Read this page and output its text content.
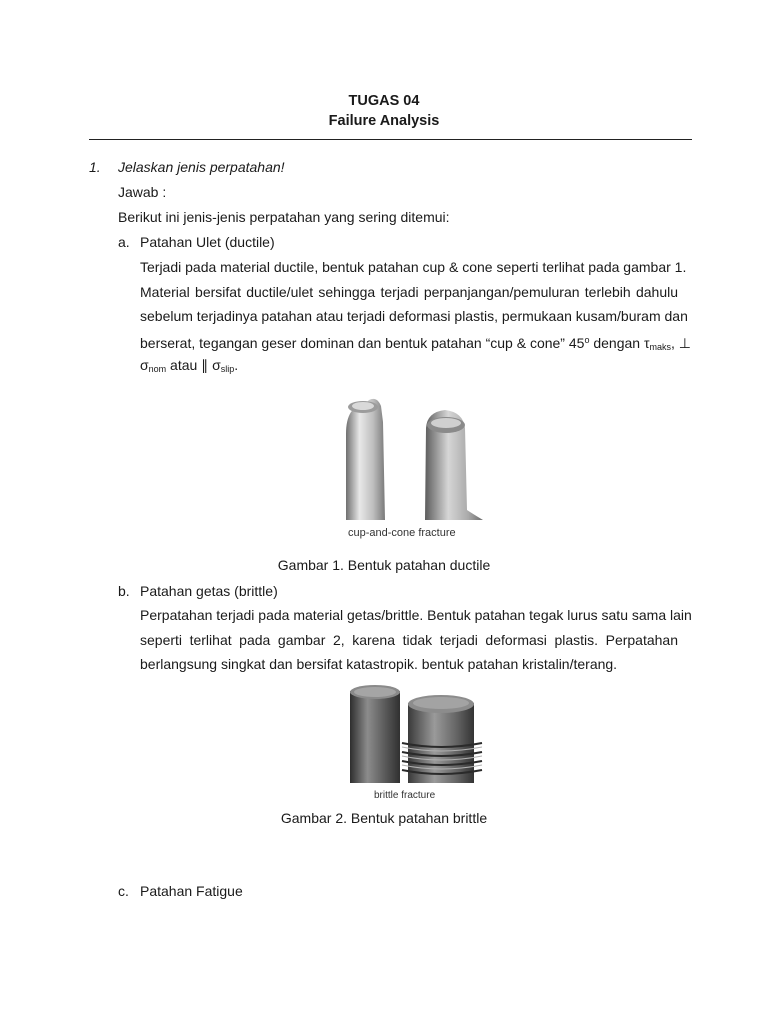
TUGAS 04
Failure Analysis
1. Jelaskan jenis perpatahan!
Jawab :
Berikut ini jenis-jenis perpatahan yang sering ditemui:
a. Patahan Ulet (ductile)
Terjadi pada material ductile, bentuk patahan cup & cone seperti terlihat pada gambar 1.
Material bersifat ductile/ulet sehingga terjadi perpanjangan/pemuluran terlebih dahulu
sebelum terjadinya patahan atau terjadi deformasi plastis, permukaan kusam/buram dan
berserat, tegangan geser dominan dan bentuk patahan “cup & cone” 45$^o$ dengan $\tau_{maks}$, ⊥
$\sigma_{nom}$ atau ∥ $\sigma_{slip}$.
cup-and-cone fracture
Gambar 1. Bentuk patahan ductile
b. Patahan getas (brittle)
Perpatahan terjadi pada material getas/brittle. Bentuk patahan tegak lurus satu sama lain
seperti terlihat pada gambar 2, karena tidak terjadi deformasi plastis. Perpatahan
berlangsung singkat dan bersifat katastropik. bentuk patahan kristalin/terang.
brittle fracture
Gambar 2. Bentuk patahan brittle
c. Patahan Fatigue
